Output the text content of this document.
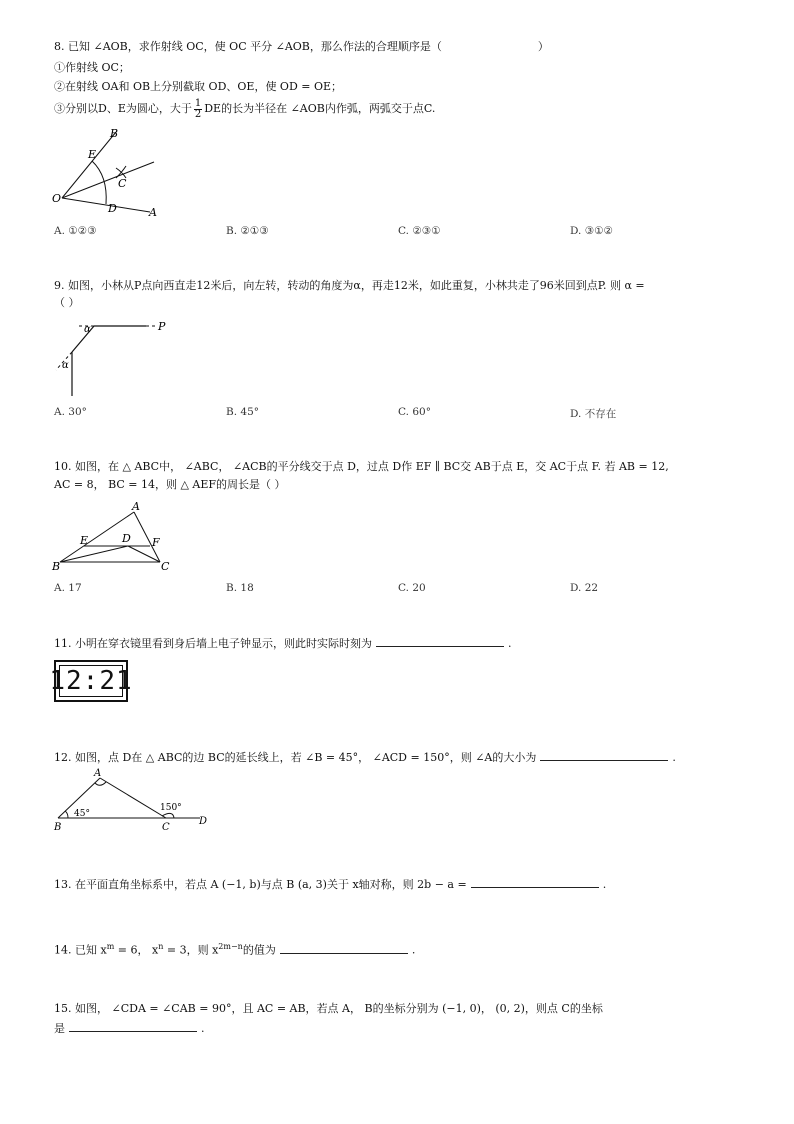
8. 已知 ∠AOB，求作射线 OC，使 OC 平分 ∠AOB，那么作法的合理顺序是（	）
①作射线 OC；
②在射线 OA和 OB上分别截取 OD、OE，使 OD = OE；
③分别以D、E为圆心，大于 $\frac{1}{2}$ DE的长为半径在 ∠AOB内作弧，两弧交于点C.
B
E
C
O
D	A
A. ①②③	B. ②①③	C. ②③①	D. ③①②
9. 如图，小林从P点向西直走12米后，向左转，转动的角度为α，再走12米，如此重复，小林共走了96米回到点P. 则 α =
（ ）
P
α
α
A. 30°	B. 45°	C. 60°	D. 不存在
10. 如图，在 △ ABC中， ∠ABC， ∠ACB的平分线交于点 D，过点 D作 EF ∥ BC交 AB于点 E，交 AC于点 F. 若 AB = 12,
AC = 8， BC = 14，则 △ AEF的周长是（ ）
A
E	D F
B	C
A. 17	B. 18	C. 20	D. 22
11. 小明在穿衣镜里看到身后墙上电子钟显示，则此时实际时刻为	.
12:21
12. 如图，点 D在 △ ABC的边 BC的延长线上，若 ∠B = 45°， ∠ACD = 150°，则 ∠A的大小为	.
A
B	C
D
45°
150°
13. 在平面直角坐标系中，若点 A (−1, b)与点 B (a, 3)关于 x轴对称，则 2b − a =	.
14. 已知 $x^m = 6$， $x^n = 3$，则 $x^{2m-n}$的值为	.
15. 如图， ∠CDA = ∠CAB = 90°，且 AC = AB，若点 A， B的坐标分别为 (−1, 0)， (0, 2)，则点 C的坐标
是	.
